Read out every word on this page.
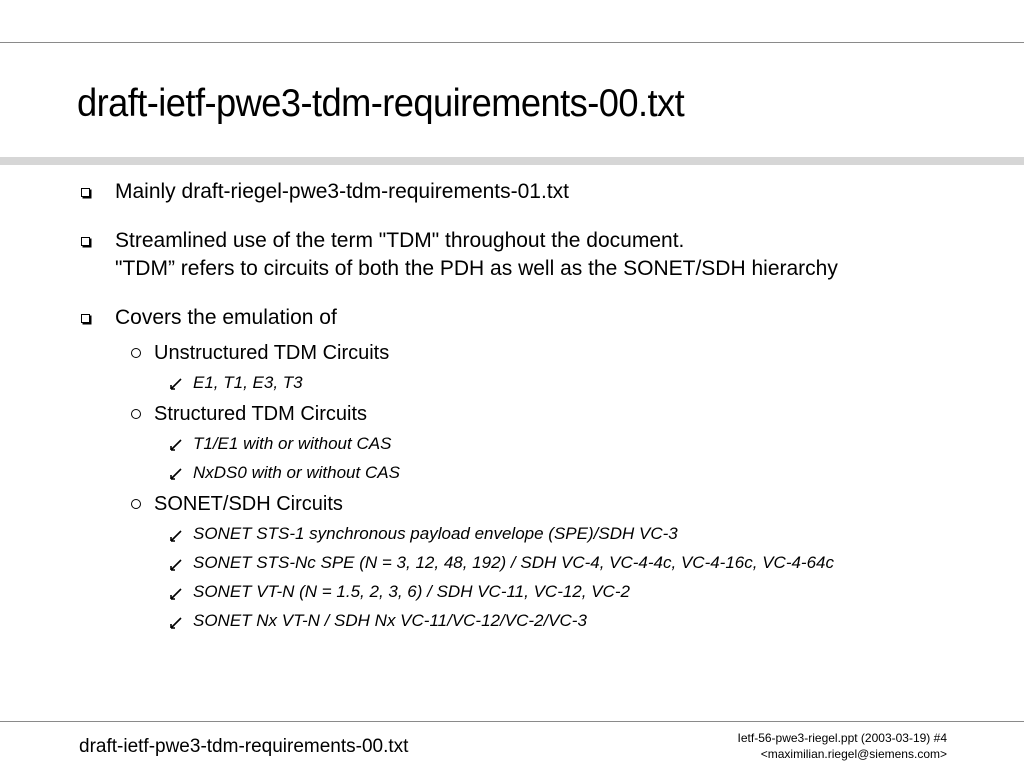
draft-ietf-pwe3-tdm-requirements-00.txt
Mainly draft-riegel-pwe3-tdm-requirements-01.txt
Streamlined use of the term "TDM" throughout the document.
"TDM” refers to circuits of both the PDH as well as the SONET/SDH hierarchy
Covers the emulation of
Unstructured TDM Circuits
E1, T1, E3, T3
Structured TDM Circuits
T1/E1 with or without CAS
NxDS0 with or without CAS
SONET/SDH Circuits
SONET STS-1 synchronous payload envelope (SPE)/SDH VC-3
SONET STS-Nc SPE (N = 3, 12, 48, 192) / SDH VC-4, VC-4-4c, VC-4-16c, VC-4-64c
SONET VT-N (N = 1.5, 2, 3, 6) / SDH VC-11, VC-12, VC-2
SONET Nx VT-N / SDH Nx VC-11/VC-12/VC-2/VC-3
draft-ietf-pwe3-tdm-requirements-00.txt	Ietf-56-pwe3-riegel.ppt (2003-03-19) #4
<maximilian.riegel@siemens.com>
